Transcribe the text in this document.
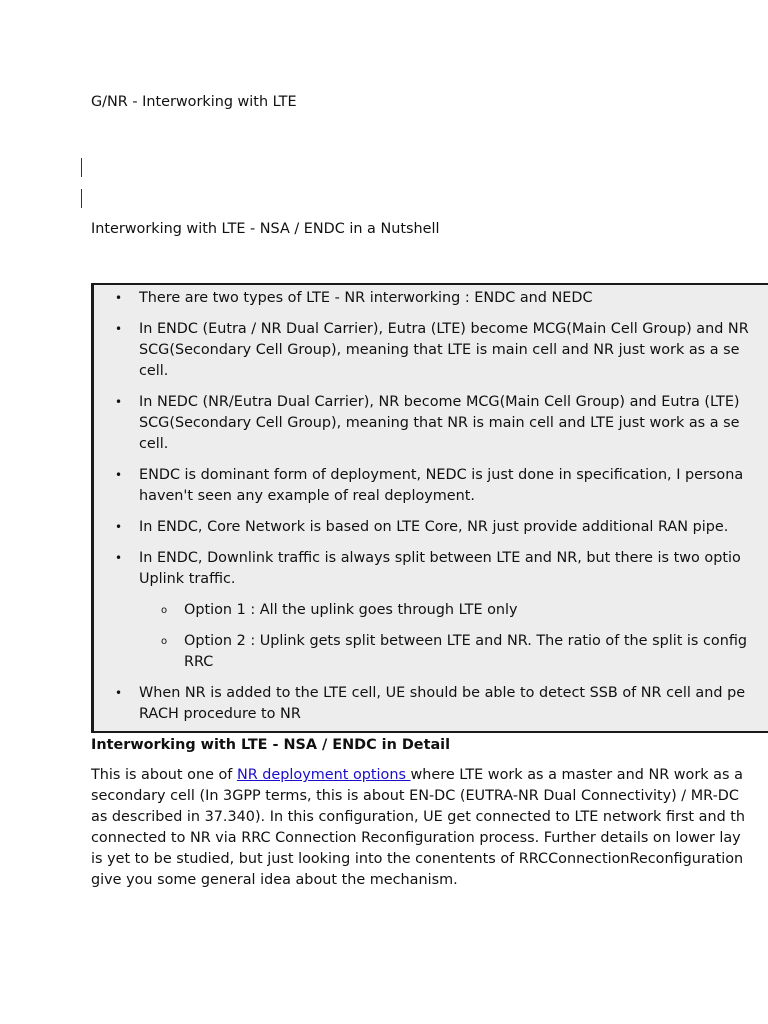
G/NR - Interworking with LTE
Interworking with LTE - NSA / ENDC in a Nutshell
• There are two types of LTE - NR interworking : ENDC and NEDC
• In ENDC (Eutra / NR Dual Carrier), Eutra (LTE) become MCG(Main Cell Group) and NR
SCG(Secondary Cell Group), meaning that LTE is main cell and NR just work as a se
cell.
• In NEDC (NR/Eutra Dual Carrier), NR become MCG(Main Cell Group) and Eutra (LTE)
SCG(Secondary Cell Group), meaning that NR is main cell and LTE just work as a se
cell.
• ENDC is dominant form of deployment, NEDC is just done in specification, I persona
haven't seen any example of real deployment.
• In ENDC, Core Network is based on LTE Core, NR just provide additional RAN pipe.
• In ENDC, Downlink traffic is always split between LTE and NR, but there is two optio
Uplink traffic.
o Option 1 : All the uplink goes through LTE only
o Option 2 : Uplink gets split between LTE and NR. The ratio of the split is config
RRC
• When NR is added to the LTE cell, UE should be able to detect SSB of NR cell and pe
RACH procedure to NR
Interworking with LTE - NSA / ENDC in Detail
This is about one of NR deployment options where LTE work as a master and NR work as a
secondary cell (In 3GPP terms, this is about EN-DC (EUTRA-NR Dual Connectivity) / MR-DC
as described in 37.340). In this configuration, UE get connected to LTE network first and th
connected to NR via RRC Connection Reconfiguration process. Further details on lower lay
is yet to be studied, but just looking into the conentents of RRCConnectionReconfiguration
give you some general idea about the mechanism.
